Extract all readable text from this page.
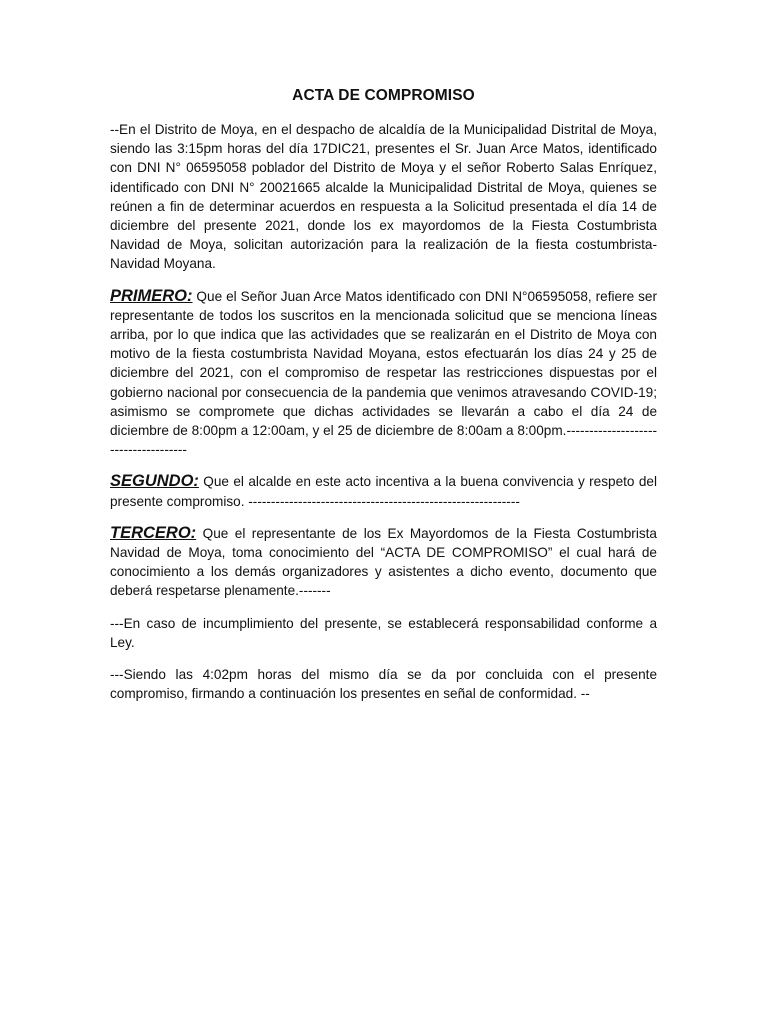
ACTA DE COMPROMISO

--En el Distrito de Moya, en el despacho de alcaldía de la Municipalidad Distrital de Moya, siendo las 3:15pm horas del día 17DIC21, presentes el Sr. Juan Arce Matos, identificado con DNI N° 06595058 poblador del Distrito de Moya y el señor Roberto Salas Enríquez, identificado con DNI N° 20021665 alcalde la Municipalidad Distrital de Moya, quienes se reúnen a fin de determinar acuerdos en respuesta a la Solicitud presentada el día 14 de diciembre del presente 2021, donde los ex mayordomos de la Fiesta Costumbrista Navidad de Moya, solicitan autorización para la realización de la fiesta costumbrista-Navidad Moyana.

PRIMERO: Que el Señor Juan Arce Matos identificado con DNI N°06595058, refiere ser representante de todos los suscritos en la mencionada solicitud que se menciona líneas arriba, por lo que indica que las actividades que se realizarán en el Distrito de Moya con motivo de la fiesta costumbrista Navidad Moyana, estos efectuarán los días 24 y 25 de diciembre del 2021, con el compromiso de respetar las restricciones dispuestas por el gobierno nacional por consecuencia de la pandemia que venimos atravesando COVID-19; asimismo se compromete que dichas actividades se llevarán a cabo el día 24 de diciembre de 8:00pm a 12:00am, y el 25 de diciembre de 8:00am a 8:00pm.-------------------------------------

SEGUNDO: Que el alcalde en este acto incentiva a la buena convivencia y respeto del presente compromiso. ------------------------------------------------------------

TERCERO: Que el representante de los Ex Mayordomos de la Fiesta Costumbrista Navidad de Moya, toma conocimiento del “ACTA DE COMPROMISO” el cual hará de conocimiento a los demás organizadores y asistentes a dicho evento, documento que deberá respetarse plenamente.-------

---En caso de incumplimiento del presente, se establecerá responsabilidad conforme a Ley.

---Siendo las 4:02pm horas del mismo día se da por concluida con el presente compromiso, firmando a continuación los presentes en señal de conformidad. --
